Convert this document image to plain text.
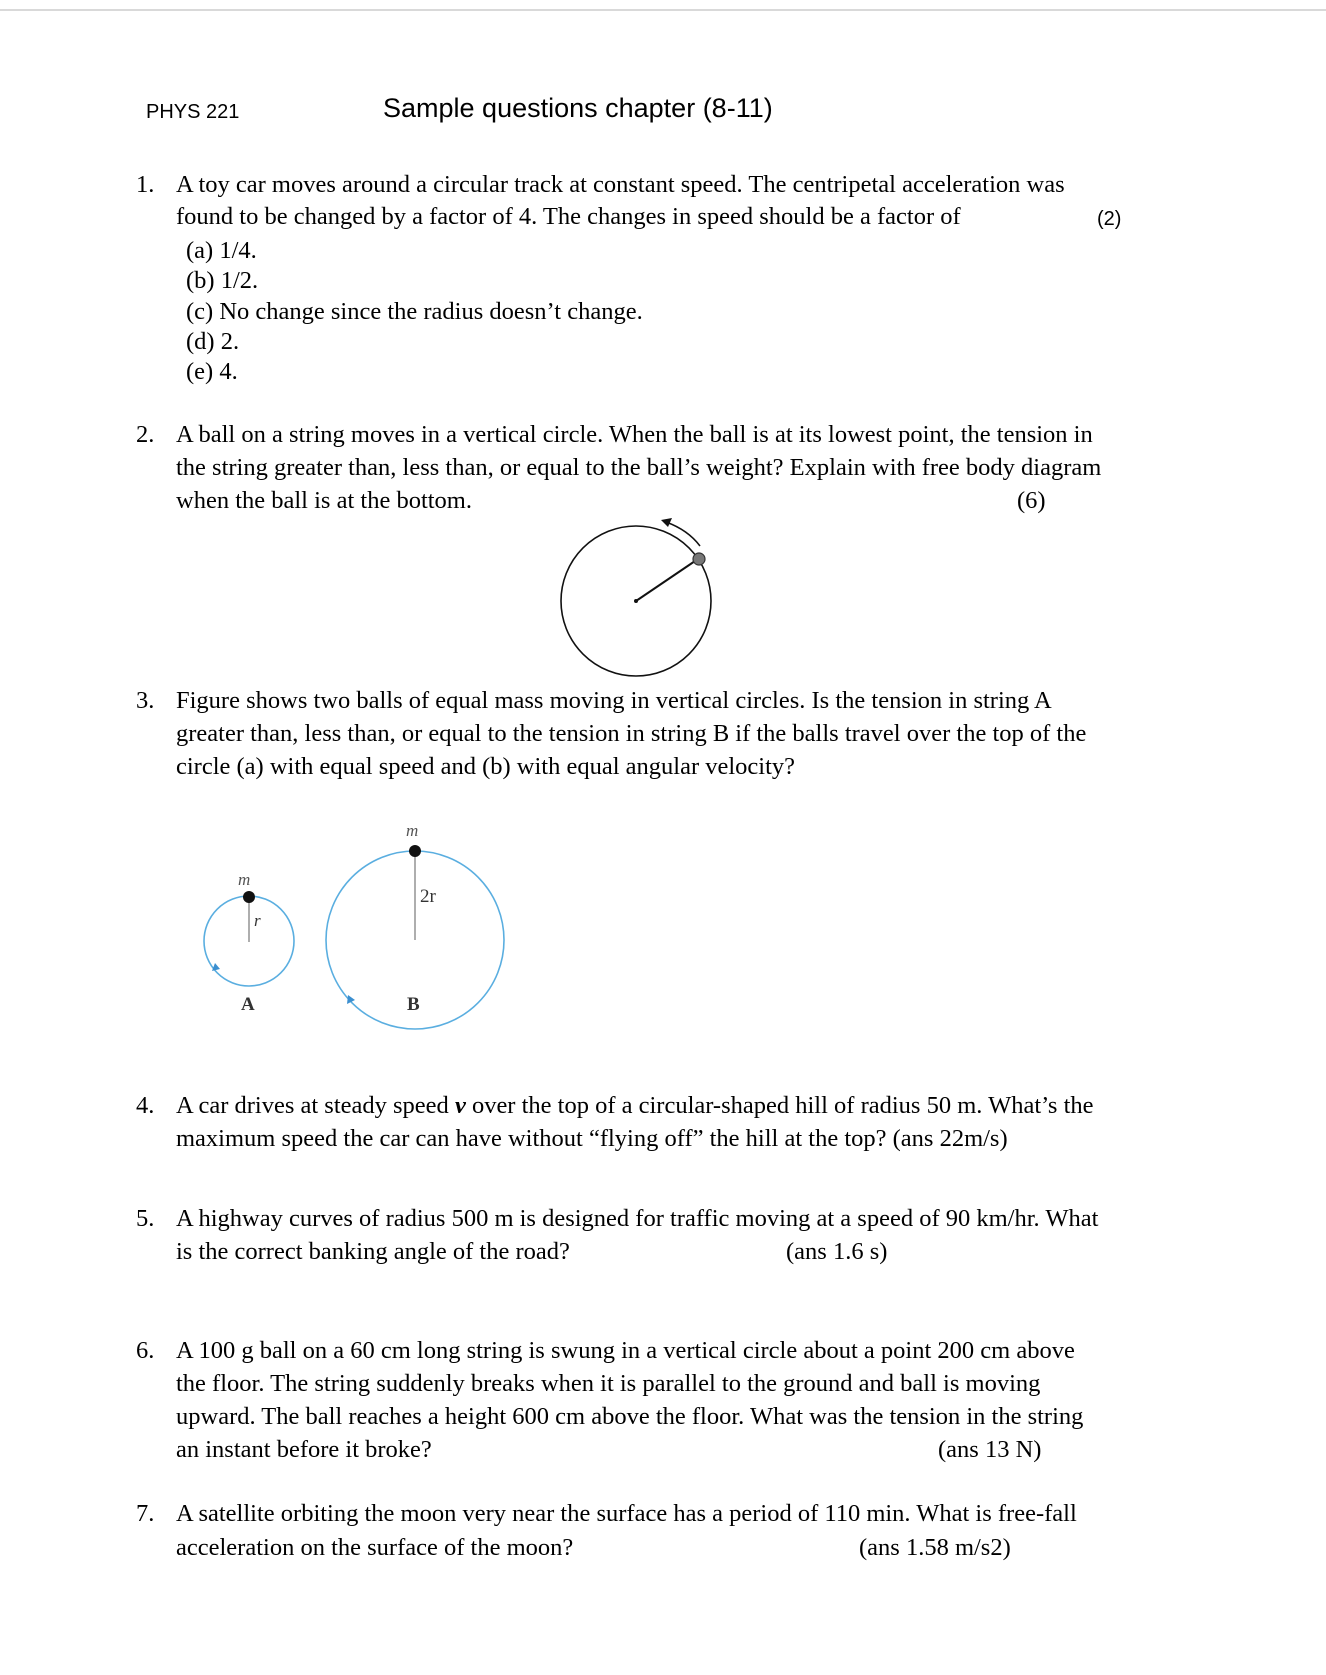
PHYS 221	Sample questions chapter (8-11)
1. A toy car moves around a circular track at constant speed. The centripetal acceleration was
found to be changed by a factor of 4. The changes in speed should be a factor of	(2)
(a) 1/4.
(b) 1/2.
(c) No change since the radius doesn’t change.
(d) 2.
(e) 4.
2. A ball on a string moves in a vertical circle. When the ball is at its lowest point, the tension in
the string greater than, less than, or equal to the ball’s weight? Explain with free body diagram
when the ball is at the bottom.	(6)
3. Figure shows two balls of equal mass moving in vertical circles. Is the tension in string A
greater than, less than, or equal to the tension in string B if the balls travel over the top of the
circle (a) with equal speed and (b) with equal angular velocity?
m
r
A
m
2r
B
4. A car drives at steady speed v over the top of a circular-shaped hill of radius 50 m. What’s the
maximum speed the car can have without “flying off” the hill at the top? (ans 22m/s)
5. A highway curves of radius 500 m is designed for traffic moving at a speed of 90 km/hr. What
is the correct banking angle of the road?	(ans 1.6 s)
6. A 100 g ball on a 60 cm long string is swung in a vertical circle about a point 200 cm above
the floor. The string suddenly breaks when it is parallel to the ground and ball is moving
upward. The ball reaches a height 600 cm above the floor. What was the tension in the string
an instant before it broke?	(ans 13 N)
7. A satellite orbiting the moon very near the surface has a period of 110 min. What is free-fall
acceleration on the surface of the moon?	(ans 1.58 m/s2)
